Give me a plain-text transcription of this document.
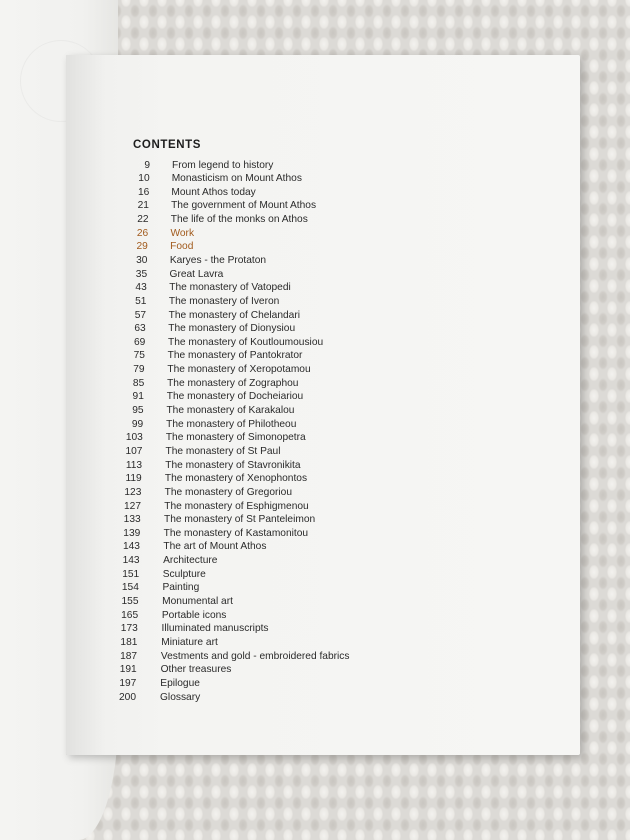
CONTENTS
9 From legend to history
10 Monasticism on Mount Athos
16 Mount Athos today
21 The government of Mount Athos
22 The life of the monks on Athos
26 Work
29 Food
30 Karyes - the Protaton
35 Great Lavra
43 The monastery of Vatopedi
51 The monastery of Iveron
57 The monastery of Chelandari
63 The monastery of Dionysiou
69 The monastery of Koutloumousiou
75 The monastery of Pantokrator
79 The monastery of Xeropotamou
85 The monastery of Zographou
91 The monastery of Docheiariou
95 The monastery of Karakalou
99 The monastery of Philotheou
103 The monastery of Simonopetra
107 The monastery of St Paul
113 The monastery of Stavronikita
119 The monastery of Xenophontos
123 The monastery of Gregoriou
127 The monastery of Esphigmenou
133 The monastery of St Panteleimon
139 The monastery of Kastamonitou
143 The art of Mount Athos
143 Architecture
151 Sculpture
154 Painting
155 Monumental art
165 Portable icons
173 Illuminated manuscripts
181 Miniature art
187 Vestments and gold - embroidered fabrics
191 Other treasures
197 Epilogue
200 Glossary
